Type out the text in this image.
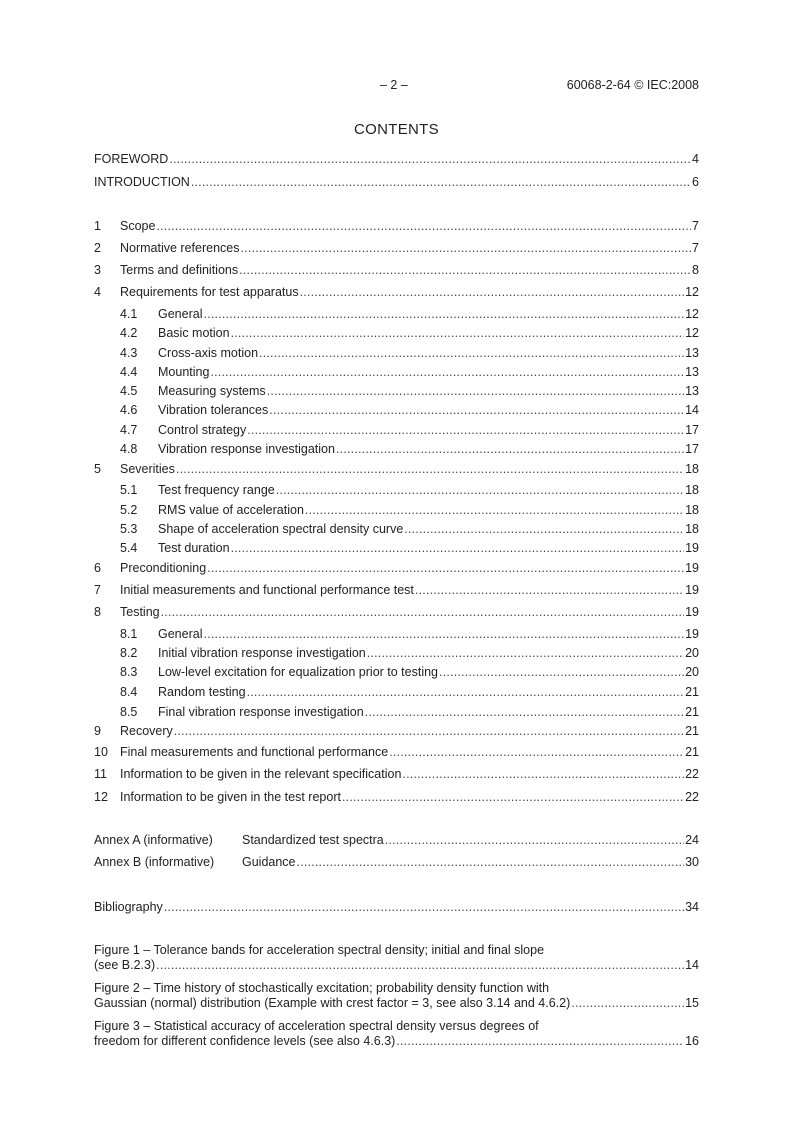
– 2 –	60068-2-64 © IEC:2008
CONTENTS
FOREWORD .....	4
INTRODUCTION .....	6
1	Scope .....	7
2	Normative references .....	7
3	Terms and definitions .....	8
4	Requirements for test apparatus .....	12
4.1	General .....	12
4.2	Basic motion .....	12
4.3	Cross-axis motion .....	13
4.4	Mounting .....	13
4.5	Measuring systems .....	13
4.6	Vibration tolerances .....	14
4.7	Control strategy .....	17
4.8	Vibration response investigation .....	17
5	Severities .....	18
5.1	Test frequency range .....	18
5.2	RMS value of acceleration .....	18
5.3	Shape of acceleration spectral density curve .....	18
5.4	Test duration .....	19
6	Preconditioning .....	19
7	Initial measurements and functional performance test .....	19
8	Testing .....	19
8.1	General .....	19
8.2	Initial vibration response investigation .....	20
8.3	Low-level excitation for equalization prior to testing .....	20
8.4	Random testing .....	21
8.5	Final vibration response investigation .....	21
9	Recovery .....	21
10 Final measurements and functional performance .....	21
11	Information to be given in the relevant specification .....	22
12 Information to be given in the test report .....	22
Annex A (informative)	Standardized test spectra .....	24
Annex B (informative)	Guidance .....	30
Bibliography .....	34
Figure 1 – Tolerance bands for acceleration spectral density; initial and final slope
(see B.2.3) .....	14
Figure 2 – Time history of stochastically excitation; probability density function with
Gaussian (normal) distribution (Example with crest factor = 3, see also 3.14 and 4.6.2) .....	15
Figure 3 – Statistical accuracy of acceleration spectral density versus degrees of
freedom for different confidence levels (see also 4.6.3) .....	16
